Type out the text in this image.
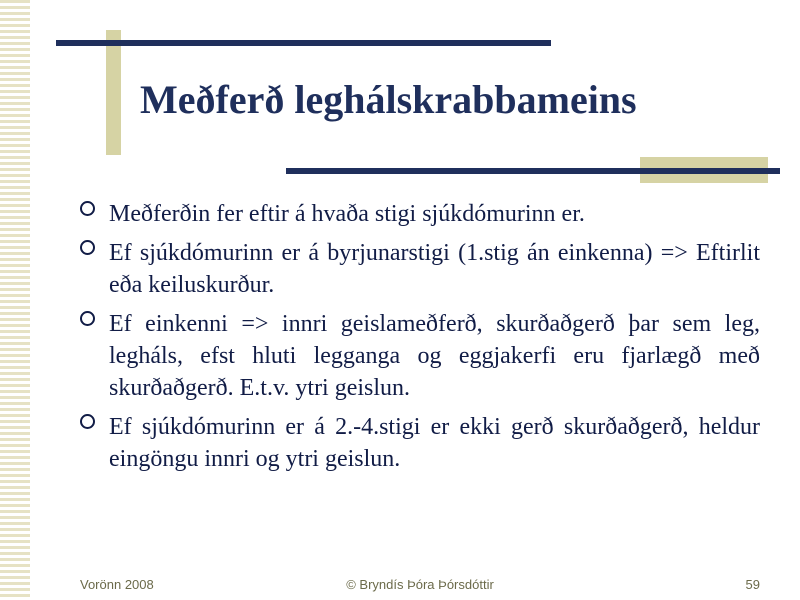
Meðferð leghálskrabbameins
Meðferðin fer eftir á hvaða stigi sjúkdómurinn er.
Ef sjúkdómurinn er á byrjunarstigi (1.stig án einkenna) => Eftirlit eða keiluskurður.
Ef einkenni => innri geislameðferð, skurðaðgerð þar sem leg, legháls, efst hluti legganga og eggjakerfi eru fjarlægð með skurðaðgerð. E.t.v. ytri geislun.
Ef sjúkdómurinn er á 2.-4.stigi er ekki gerð skurðaðgerð, heldur eingöngu innri og ytri geislun.
Vorönn 2008	© Bryndís Þóra Þórsdóttir	59
